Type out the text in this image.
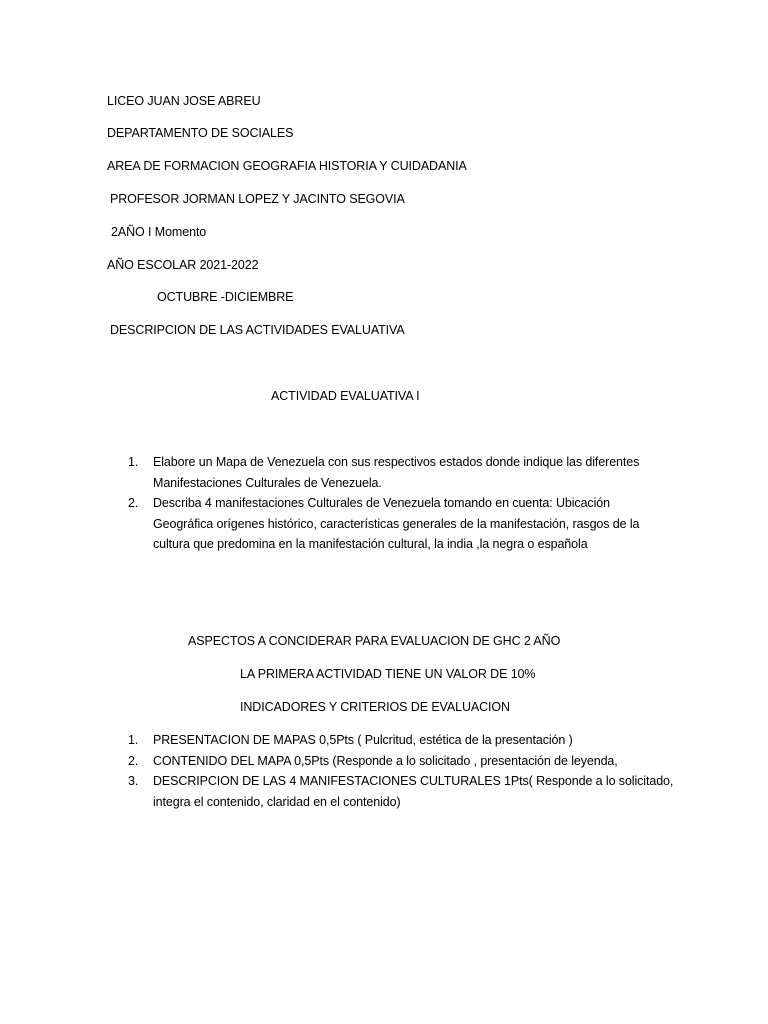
LICEO JUAN JOSE ABREU
DEPARTAMENTO DE SOCIALES
AREA DE FORMACION GEOGRAFIA HISTORIA Y CUIDADANIA
PROFESOR JORMAN LOPEZ Y JACINTO SEGOVIA
2AÑO I Momento
AÑO ESCOLAR 2021-2022
OCTUBRE -DICIEMBRE
DESCRIPCION DE LAS ACTIVIDADES EVALUATIVA
ACTIVIDAD EVALUATIVA I
1. Elabore un Mapa de Venezuela con sus respectivos estados donde indique las diferentes
Manifestaciones Culturales de Venezuela.
2. Describa 4 manifestaciones Culturales de Venezuela tomando en cuenta: Ubicación
Geográfica orígenes histórico, características generales de la manifestación, rasgos de la
cultura que predomina en la manifestación cultural, la india ,la negra o española
ASPECTOS A CONCIDERAR PARA EVALUACION DE GHC 2 AÑO
LA PRIMERA ACTIVIDAD TIENE UN VALOR DE 10%
INDICADORES Y CRITERIOS DE EVALUACION
1. PRESENTACION DE MAPAS 0,5Pts ( Pulcritud, estética de la presentación )
2. CONTENIDO DEL MAPA 0,5Pts (Responde a lo solicitado , presentación de leyenda,
3. DESCRIPCION DE LAS 4 MANIFESTACIONES CULTURALES 1Pts( Responde a lo solicitado,
integra el contenido, claridad en el contenido)
